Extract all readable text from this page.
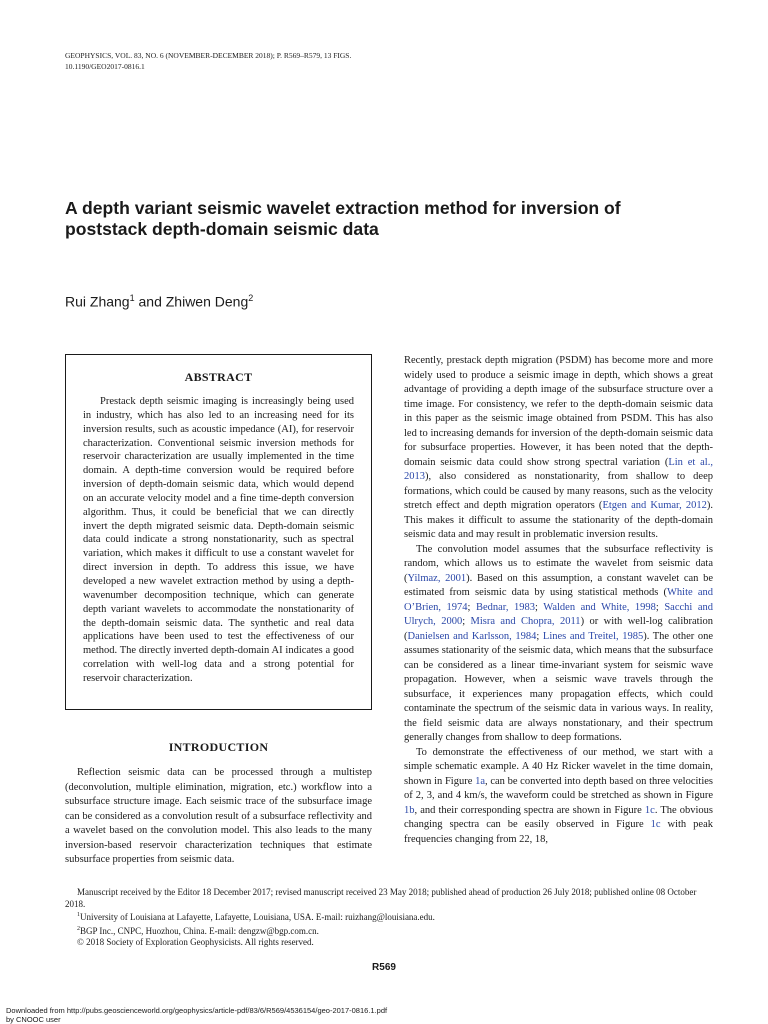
GEOPHYSICS, VOL. 83, NO. 6 (NOVEMBER-DECEMBER 2018); P. R569–R579, 13 FIGS.
10.1190/GEO2017-0816.1
A depth variant seismic wavelet extraction method for inversion of poststack depth-domain seismic data
Rui Zhang$^1$ and Zhiwen Deng$^2$
ABSTRACT

Prestack depth seismic imaging is increasingly being used in industry, which has also led to an increasing need for its inversion results, such as acoustic impedance (AI), for reservoir characterization. Conventional seismic inversion methods for reservoir characterization are usually implemented in the time domain. A depth-time conversion would be required before inversion of depth-domain seismic data, which would depend on an accurate velocity model and a fine time-depth conversion algorithm. Thus, it could be beneficial that we can directly invert the depth migrated seismic data. Depth-domain seismic data could indicate a strong nonstationarity, such as spectral variation, which makes it difficult to use a constant wavelet for direct inversion in depth. To address this issue, we have developed a new wavelet extraction method by using a depth-wavenumber decomposition technique, which can generate depth variant wavelets to accommodate the nonstationarity of the depth-domain seismic data. The synthetic and real data applications have been used to test the effectiveness of our method. The directly inverted depth-domain AI indicates a good correlation with well-log data and a strong potential for reservoir characterization.

INTRODUCTION

Reflection seismic data can be processed through a multistep (deconvolution, multiple elimination, migration, etc.) workflow into a subsurface structure image. Each seismic trace of the subsurface image can be considered as a convolution result of a subsurface reflectivity and a wavelet based on the convolution model. This also leads to the many inversion-based reservoir characterization techniques that estimate subsurface properties from seismic data.

Recently, prestack depth migration (PSDM) has become more and more widely used to produce a seismic image in depth, which shows a great advantage of providing a depth image of the subsurface structure over a time image. For consistency, we refer to the depth-domain seismic data in this paper as the seismic image obtained from PSDM. This has also led to increasing demands for inversion of the depth-domain seismic data for subsurface properties. However, it has been noted that the depth-domain seismic data could show strong spectral variation (Lin et al., 2013), also considered as nonstationarity, from shallow to deep formations, which could be caused by many reasons, such as the velocity stretch effect and depth migration operators (Etgen and Kumar, 2012). This makes it difficult to assume the stationarity of the depth-domain seismic data and may result in problematic inversion results.

The convolution model assumes that the subsurface reflectivity is random, which allows us to estimate the wavelet from seismic data (Yilmaz, 2001). Based on this assumption, a constant wavelet can be estimated from seismic data by using statistical methods (White and O’Brien, 1974; Bednar, 1983; Walden and White, 1998; Sacchi and Ulrych, 2000; Misra and Chopra, 2011) or with well-log calibration (Danielsen and Karlsson, 1984; Lines and Treitel, 1985). The other one assumes stationarity of the seismic data, which means that the subsurface can be considered as a linear time-invariant system for seismic wave propagation. However, when a seismic wave travels through the subsurface, it experiences many propagation effects, which could contaminate the spectrum of the seismic data in various ways. In reality, the field seismic data are always nonstationary, and their spectrum generally changes from shallow to deep formations.

To demonstrate the effectiveness of our method, we start with a simple schematic example. A 40 Hz Ricker wavelet in the time domain, shown in Figure 1a, can be converted into depth based on three velocities of 2, 3, and 4 km/s, the waveform could be stretched as shown in Figure 1b, and their corresponding spectra are shown in Figure 1c. The obvious changing spectra can be easily observed in Figure 1c with peak frequencies changing from 22, 18,

Manuscript received by the Editor 18 December 2017; revised manuscript received 23 May 2018; published ahead of production 26 July 2018; published online 08 October 2018.
$^1$University of Louisiana at Lafayette, Lafayette, Louisiana, USA. E-mail: ruizhang@louisiana.edu.
$^2$BGP Inc., CNPC, Huozhou, China. E-mail: dengzw@bgp.com.cn.
© 2018 Society of Exploration Geophysicists. All rights reserved.
R569
Downloaded from http://pubs.geoscienceworld.org/geophysics/article-pdf/83/6/R569/4536154/geo-2017-0816.1.pdf
by CNOOC user
